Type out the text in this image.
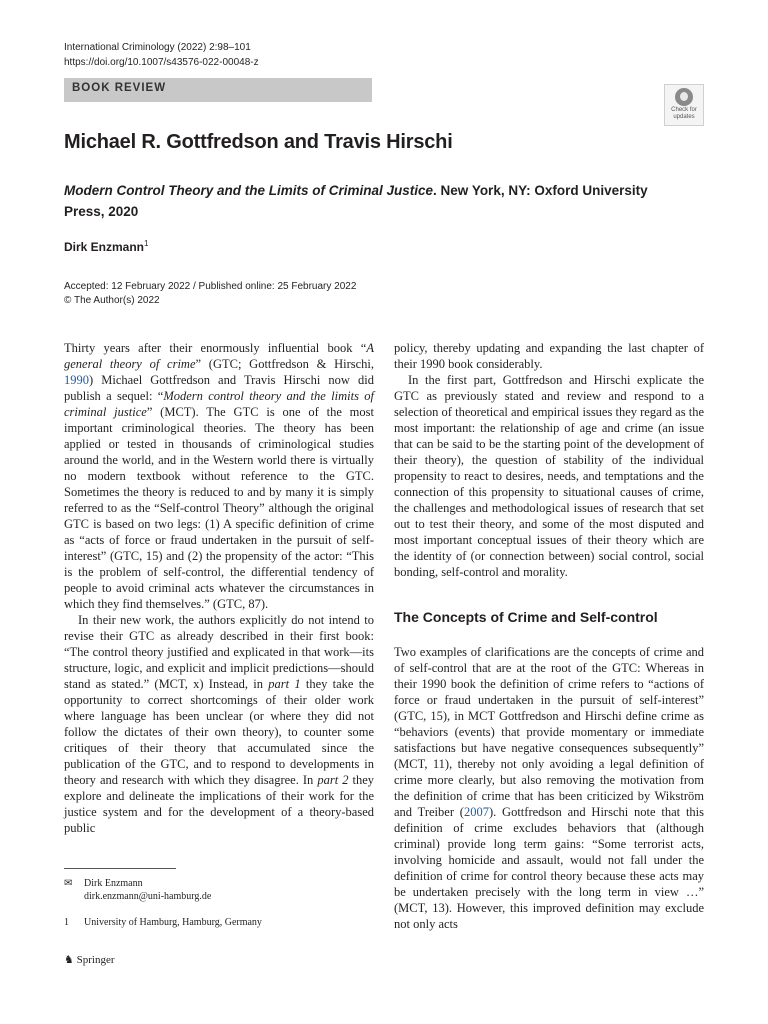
International Criminology (2022) 2:98–101
https://doi.org/10.1007/s43576-022-00048-z
BOOK REVIEW
Check for
updates
Michael R. Gottfredson and Travis Hirschi

Modern Control Theory and the Limits of Criminal Justice. New York, NY: Oxford University Press, 2020

Dirk Enzmann$^1$
Accepted: 12 February 2022 / Published online: 25 February 2022
© The Author(s) 2022

Thirty years after their enormously influential book “A general theory of crime” (GTC; Gottfredson & Hirschi, 1990) Michael Gottfredson and Travis Hirschi now did publish a sequel: “Modern control theory and the limits of criminal justice” (MCT). The GTC is one of the most important criminological theories. The theory has been applied or tested in thousands of criminological studies around the world, and in the Western world there is virtually no modern textbook without reference to the GTC. Sometimes the theory is reduced to and by many it is simply referred to as the “Self-control Theory” although the original GTC is based on two legs: (1) A specific definition of crime as “acts of force or fraud undertaken in the pursuit of self-interest” (GTC, 15) and (2) the propensity of the actor: “This is the problem of self-control, the differential tendency of people to avoid criminal acts whatever the circumstances in which they find themselves.” (GTC, 87).

In their new work, the authors explicitly do not intend to revise their GTC as already described in their first book: “The control theory justified and explicated in that work—its structure, logic, and explicit and implicit predictions—should stand as stated.” (MCT, x) Instead, in part 1 they take the opportunity to correct shortcomings of their older work where language has been unclear (or where they did not follow the dictates of their own theory), to counter some critiques of their theory that accumulated since the publication of the GTC, and to respond to developments in theory and research with which they disagree. In part 2 they explore and delineate the implications of their work for the justice system and for the development of a theory-based public

policy, thereby updating and expanding the last chapter of their 1990 book considerably.

In the first part, Gottfredson and Hirschi explicate the GTC as previously stated and review and respond to a selection of theoretical and empirical issues they regard as the most important: the relationship of age and crime (an issue that can be said to be the starting point of the development of their theory), the question of stability of the individual propensity to react to desires, needs, and temptations and the connection of this propensity to situational causes of crime, the challenges and methodological issues of research that set out to test their theory, and some of the most disputed and most important conceptual issues of their theory which are the identity of (or connection between) social control, social bonding, self-control and morality.

The Concepts of Crime and Self-control

Two examples of clarifications are the concepts of crime and of self-control that are at the root of the GTC: Whereas in their 1990 book the definition of crime refers to “actions of force or fraud undertaken in the pursuit of self-interest” (GTC, 15), in MCT Gottfredson and Hirschi define crime as “behaviors (events) that provide momentary or immediate satisfactions but have negative consequences subsequently” (MCT, 11), thereby not only avoiding a legal definition of crime more clearly, but also removing the motivation from the definition of crime that has been criticized by Wikström and Treiber (2007). Gottfredson and Hirschi note that this definition of crime excludes behaviors that (although criminal) provide long term gains: “Some terrorist acts, involving homicide and assault, would not fall under the definition of crime for control theory because these acts may be undertaken precisely with the long term in view …” (MCT, 13). However, this improved definition may exclude not only acts

✉ Dirk Enzmann
dirk.enzmann@uni-hamburg.de
1 University of Hamburg, Hamburg, Germany
♞ Springer
